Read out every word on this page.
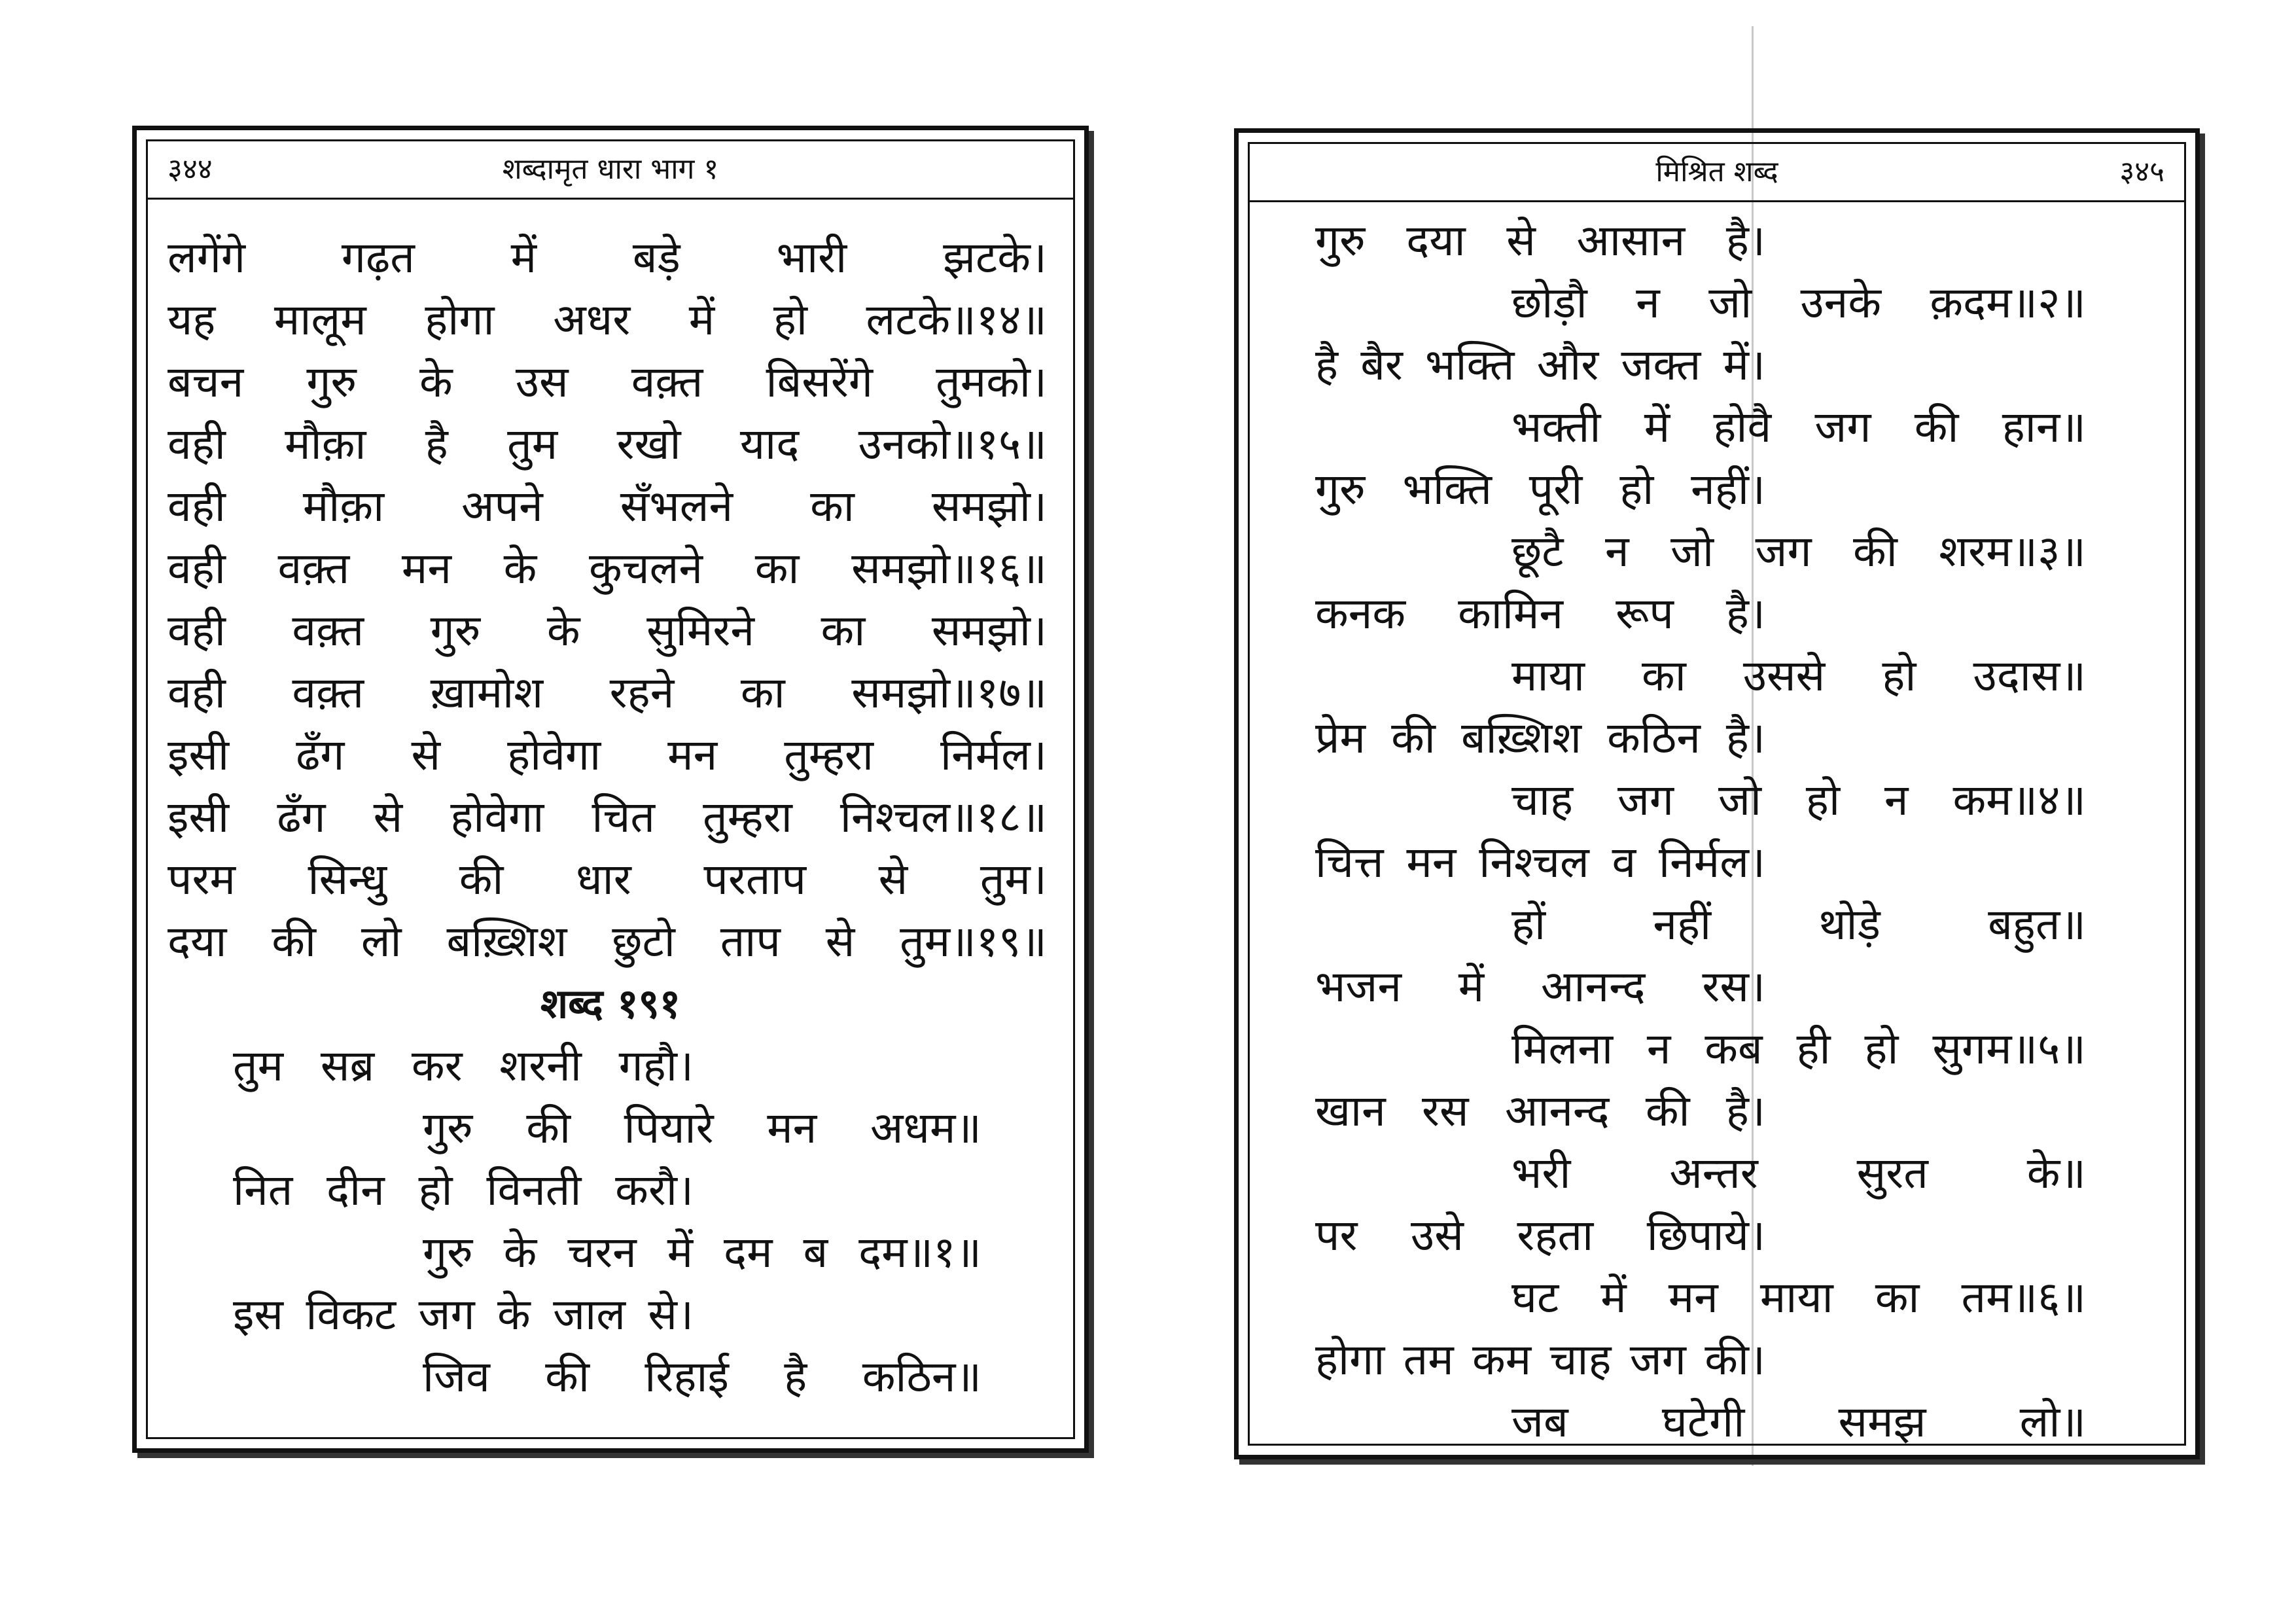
३४४	शब्दामृत धारा भाग १
लगेंगे गढ़त में बड़े भारी झटके।
यह मालूम होगा अधर में हो लटके॥१४॥
बचन गुरु के उस वक़्त बिसरेंगे तुमको।
वही मौक़ा है तुम रखो याद उनको॥१५॥
वही मौक़ा अपने सँभलने का समझो।
वही वक़्त मन के कुचलने का समझो॥१६॥
वही वक़्त गुरु के सुमिरने का समझो।
वही वक़्त ख़ामोश रहने का समझो॥१७॥
इसी ढँग से होवेगा मन तुम्हरा निर्मल।
इसी ढँग से होवेगा चित तुम्हरा निश्चल॥१८॥
परम सिन्धु की धार परताप से तुम।
दया की लो बख़्शिश छुटो ताप से तुम॥१९॥
शब्द १९१
तुम सब्र कर शरनी गहौ।
गुरु की पियारे मन अधम॥
नित दीन हो विनती करौ।
गुरु के चरन में दम ब दम॥१॥
इस विकट जग के जाल से।
जिव की रिहाई है कठिन॥
मिश्रित शब्द	३४५
गुरु दया से आसान है।
छोड़ौ न जो उनके क़दम॥२॥
है बैर भक्ति और जक्त में।
भक्ती में होवै जग की हान॥
गुरु भक्ति पूरी हो नहीं।
छूटै न जो जग की शरम॥३॥
कनक कामिन रूप है।
माया का उससे हो उदास॥
प्रेम की बख़्शिश कठिन है।
चाह जग जो हो न कम॥४॥
चित्त मन निश्चल व निर्मल।
हों नहीं थोड़े बहुत॥
भजन में आनन्द रस।
मिलना न कब ही हो सुगम॥५॥
खान रस आनन्द की है।
भरी अन्तर सुरत के॥
पर उसे रहता छिपाये।
घट में मन माया का तम॥६॥
होगा तम कम चाह जग की।
जब घटेगी समझ लो॥
